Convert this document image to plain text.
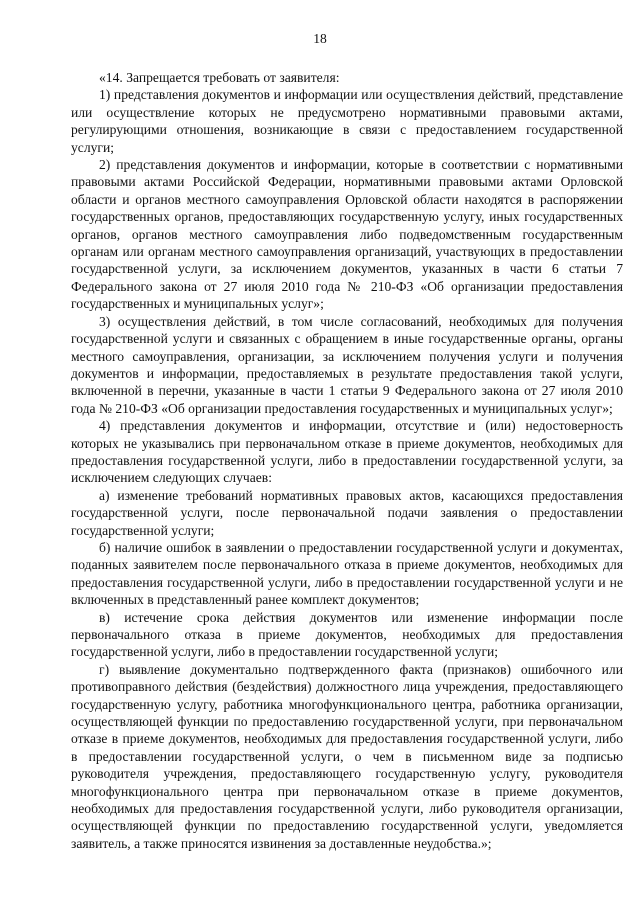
18

«14. Запрещается требовать от заявителя:

1) представления документов и информации или осуществления действий, представление или осуществление которых не предусмотрено нормативными правовыми актами, регулирующими отношения, возникающие в связи с предоставлением государственной услуги;

2) представления документов и информации, которые в соответствии с нормативными правовыми актами Российской Федерации, нормативными правовыми актами Орловской области и органов местного самоуправления Орловской области находятся в распоряжении государственных органов, предоставляющих государственную услугу, иных государственных органов, органов местного самоуправления либо подведомственным государственным органам или органам местного самоуправления организаций, участвующих в предоставлении государственной услуги, за исключением документов, указанных в части 6 статьи 7 Федерального закона от 27 июля 2010 года № 210-ФЗ «Об организации предоставления государственных и муниципальных услуг»;

3) осуществления действий, в том числе согласований, необходимых для получения государственной услуги и связанных с обращением в иные государственные органы, органы местного самоуправления, организации, за исключением получения услуги и получения документов и информации, предоставляемых в результате предоставления такой услуги, включенной в перечни, указанные в части 1 статьи 9 Федерального закона от 27 июля 2010 года № 210-ФЗ «Об организации предоставления государственных и муниципальных услуг»;

4) представления документов и информации, отсутствие и (или) недостоверность которых не указывались при первоначальном отказе в приеме документов, необходимых для предоставления государственной услуги, либо в предоставлении государственной услуги, за исключением следующих случаев:

а) изменение требований нормативных правовых актов, касающихся предоставления государственной услуги, после первоначальной подачи заявления о предоставлении государственной услуги;

б) наличие ошибок в заявлении о предоставлении государственной услуги и документах, поданных заявителем после первоначального отказа в приеме документов, необходимых для предоставления государственной услуги, либо в предоставлении государственной услуги и не включенных в представленный ранее комплект документов;

в) истечение срока действия документов или изменение информации после первоначального отказа в приеме документов, необходимых для предоставления государственной услуги, либо в предоставлении государственной услуги;

г) выявление документально подтвержденного факта (признаков) ошибочного или противоправного действия (бездействия) должностного лица учреждения, предоставляющего государственную услугу, работника многофункционального центра, работника организации, осуществляющей функции по предоставлению государственной услуги, при первоначальном отказе в приеме документов, необходимых для предоставления государственной услуги, либо в предоставлении государственной услуги, о чем в письменном виде за подписью руководителя учреждения, предоставляющего государственную услугу, руководителя многофункционального центра при первоначальном отказе в приеме документов, необходимых для предоставления государственной услуги, либо руководителя организации, осуществляющей функции по предоставлению государственной услуги, уведомляется заявитель, а также приносятся извинения за доставленные неудобства.»;
